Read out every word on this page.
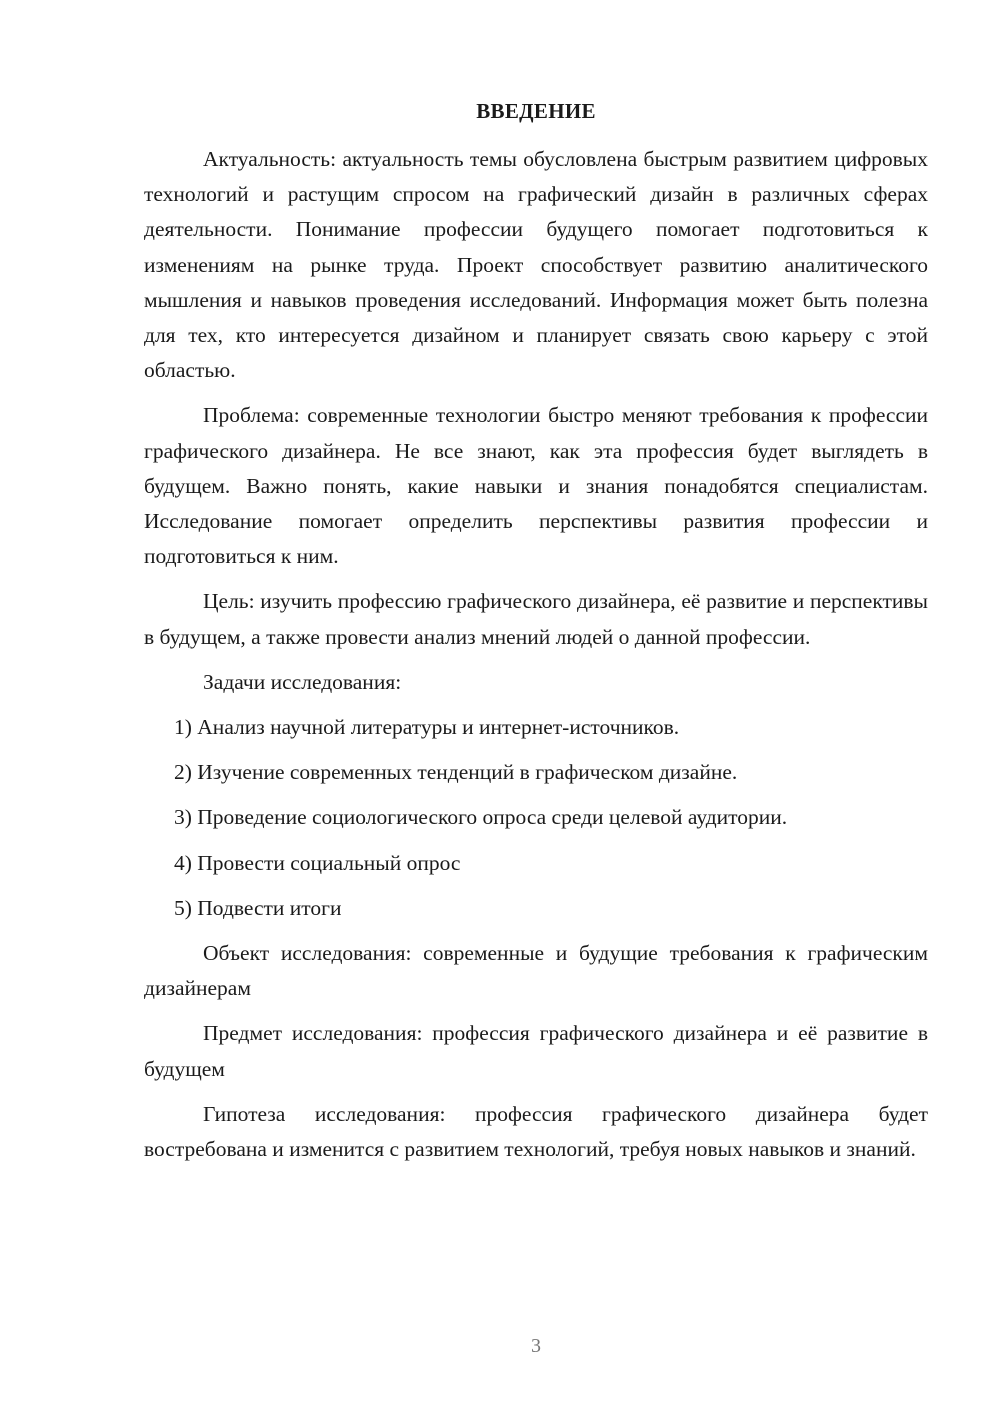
ВВЕДЕНИЕ

Актуальность: актуальность темы обусловлена быстрым развитием цифровых технологий и растущим спросом на графический дизайн в различных сферах деятельности. Понимание профессии будущего помогает подготовиться к изменениям на рынке труда. Проект способствует развитию аналитического мышления и навыков проведения исследований. Информация может быть полезна для тех, кто интересуется дизайном и планирует связать свою карьеру с этой областью.

Проблема: современные технологии быстро меняют требования к профессии графического дизайнера. Не все знают, как эта профессия будет выглядеть в будущем. Важно понять, какие навыки и знания понадобятся специалистам. Исследование помогает определить перспективы развития профессии и подготовиться к ним.

Цель: изучить профессию графического дизайнера, её развитие и перспективы в будущем, а также провести анализ мнений людей о данной профессии.

Задачи исследования:

1) Анализ научной литературы и интернет-источников.

2) Изучение современных тенденций в графическом дизайне.

3) Проведение социологического опроса среди целевой аудитории.

4) Провести социальный опрос

5) Подвести итоги

Объект исследования: современные и будущие требования к графическим дизайнерам

Предмет исследования: профессия графического дизайнера и её развитие в будущем

Гипотеза исследования: профессия графического дизайнера будет востребована и изменится с развитием технологий, требуя новых навыков и знаний.

3
